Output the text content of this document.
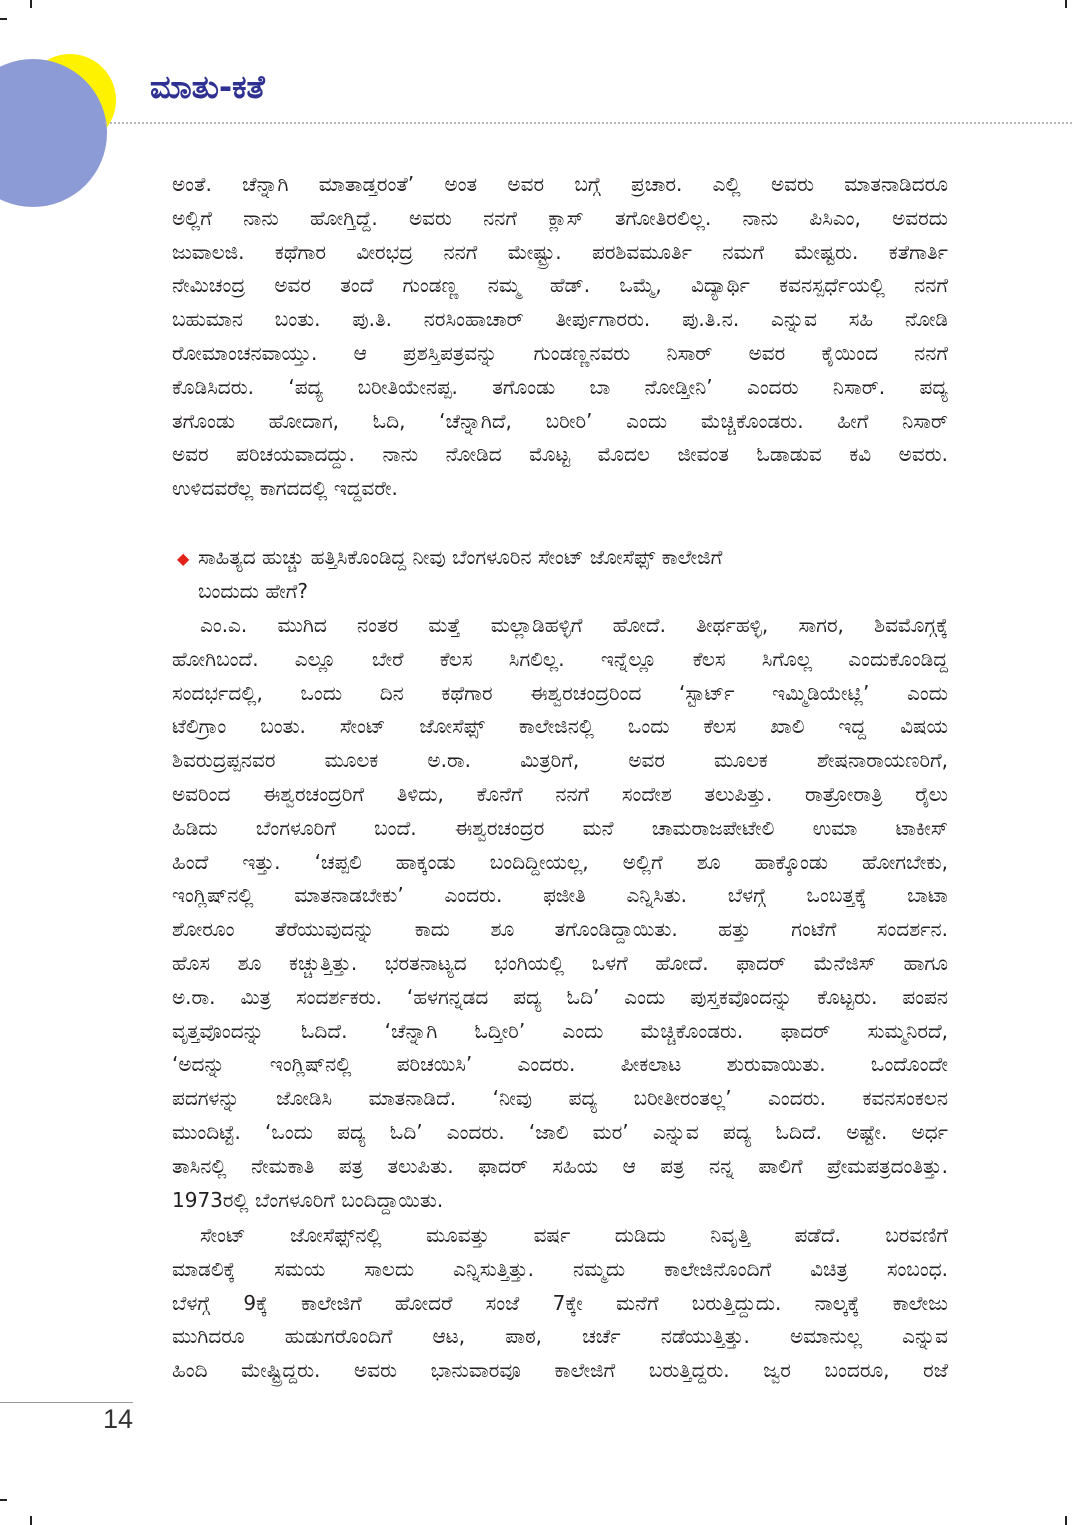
ಮಾತು-ಕತೆ
ಅಂತೆ. ಚೆನ್ನಾಗಿ ಮಾತಾಡ್ತರಂತೆ’ ಅಂತ ಅವರ ಬಗ್ಗೆ ಪ್ರಚಾರ. ಎಲ್ಲಿ ಅವರು ಮಾತನಾಡಿದರೂ
ಅಲ್ಲಿಗೆ ನಾನು ಹೋಗ್ತಿದ್ದೆ. ಅವರು ನನಗೆ ಕ್ಲಾಸ್ ತಗೋತಿರಲಿಲ್ಲ. ನಾನು ಪಿಸಿಎಂ, ಅವರದು
ಜುವಾಲಜಿ. ಕಥೆಗಾರ ವೀರಭದ್ರ ನನಗೆ ಮೇಷ್ಟ್ರು. ಪರಶಿವಮೂರ್ತಿ ನಮಗೆ ಮೇಷ್ಟರು. ಕತೆಗಾರ್ತಿ
ನೇಮಿಚಂದ್ರ ಅವರ ತಂದೆ ಗುಂಡಣ್ಣ ನಮ್ಮ ಹೆಡ್. ಒಮ್ಮೆ, ವಿದ್ಯಾರ್ಥಿ ಕವನಸ್ಪರ್ಧೆಯಲ್ಲಿ ನನಗೆ
ಬಹುಮಾನ ಬಂತು. ಪು.ತಿ. ನರಸಿಂಹಾಚಾರ್ ತೀರ್ಪುಗಾರರು. ಪು.ತಿ.ನ. ಎನ್ನುವ ಸಹಿ ನೋಡಿ
ರೋಮಾಂಚನವಾಯ್ತು. ಆ ಪ್ರಶಸ್ತಿಪತ್ರವನ್ನು ಗುಂಡಣ್ಣನವರು ನಿಸಾರ್ ಅವರ ಕೈಯಿಂದ ನನಗೆ
ಕೊಡಿಸಿದರು. ‘ಪದ್ಯ ಬರೀತಿಯೇನಪ್ಪ. ತಗೊಂಡು ಬಾ ನೋಡ್ತೀನಿ’ ಎಂದರು ನಿಸಾರ್. ಪದ್ಯ
ತಗೊಂಡು ಹೋದಾಗ, ಓದಿ, ‘ಚೆನ್ನಾಗಿದೆ, ಬರೀರಿ’ ಎಂದು ಮೆಚ್ಚಿಕೊಂಡರು. ಹೀಗೆ ನಿಸಾರ್
ಅವರ ಪರಿಚಯವಾದದ್ದು. ನಾನು ನೋಡಿದ ಮೊಟ್ಟ ಮೊದಲ ಜೀವಂತ ಓಡಾಡುವ ಕವಿ ಅವರು.
ಉಳಿದವರೆಲ್ಲ ಕಾಗದದಲ್ಲಿ ಇದ್ದವರೇ.
◆ ಸಾಹಿತ್ಯದ ಹುಚ್ಚು ಹತ್ತಿಸಿಕೊಂಡಿದ್ದ ನೀವು ಬೆಂಗಳೂರಿನ ಸೇಂಟ್ ಜೋಸೆಫ್ಸ್ ಕಾಲೇಜಿಗೆ
ಬಂದುದು ಹೇಗೆ?
ಎಂ.ಎ. ಮುಗಿದ ನಂತರ ಮತ್ತೆ ಮಲ್ಲಾಡಿಹಳ್ಳಿಗೆ ಹೋದೆ. ತೀರ್ಥಹಳ್ಳಿ, ಸಾಗರ, ಶಿವಮೊಗ್ಗಕ್ಕೆ
ಹೋಗಿಬಂದೆ. ಎಲ್ಲೂ ಬೇರೆ ಕೆಲಸ ಸಿಗಲಿಲ್ಲ. ಇನ್ನೆಲ್ಲೂ ಕೆಲಸ ಸಿಗೊಲ್ಲ ಎಂದುಕೊಂಡಿದ್ದ
ಸಂದರ್ಭದಲ್ಲಿ, ಒಂದು ದಿನ ಕಥೆಗಾರ ಈಶ್ವರಚಂದ್ರರಿಂದ ‘ಸ್ಟಾರ್ಟ್ ಇಮ್ಮಿಡಿಯೇಟ್ಲಿ’ ಎಂದು
ಟೆಲಿಗ್ರಾಂ ಬಂತು. ಸೇಂಟ್ ಜೋಸೆಫ್ಸ್ ಕಾಲೇಜಿನಲ್ಲಿ ಒಂದು ಕೆಲಸ ಖಾಲಿ ಇದ್ದ ವಿಷಯ
ಶಿವರುದ್ರಪ್ಪನವರ ಮೂಲಕ ಅ.ರಾ. ಮಿತ್ರರಿಗೆ, ಅವರ ಮೂಲಕ ಶೇಷನಾರಾಯಣರಿಗೆ,
ಅವರಿಂದ ಈಶ್ವರಚಂದ್ರರಿಗೆ ತಿಳಿದು, ಕೊನೆಗೆ ನನಗೆ ಸಂದೇಶ ತಲುಪಿತ್ತು. ರಾತ್ರೋರಾತ್ರಿ ರೈಲು
ಹಿಡಿದು ಬೆಂಗಳೂರಿಗೆ ಬಂದೆ. ಈಶ್ವರಚಂದ್ರರ ಮನೆ ಚಾಮರಾಜಪೇಟೇಲಿ ಉಮಾ ಟಾಕೀಸ್
ಹಿಂದೆ ಇತ್ತು. ‘ಚಪ್ಪಲಿ ಹಾಕ್ಕಂಡು ಬಂದಿದ್ದೀಯಲ್ಲ, ಅಲ್ಲಿಗೆ ಶೂ ಹಾಕ್ಕೊಂಡು ಹೋಗಬೇಕು,
ಇಂಗ್ಲಿಷ್‌ನಲ್ಲಿ ಮಾತನಾಡಬೇಕು’ ಎಂದರು. ಫಜೀತಿ ಎನ್ನಿಸಿತು. ಬೆಳಗ್ಗೆ ಒಂಬತ್ತಕ್ಕೆ ಬಾಟಾ
ಶೋರೂಂ ತೆರೆಯುವುದನ್ನು ಕಾದು ಶೂ ತಗೊಂಡಿದ್ದಾಯಿತು. ಹತ್ತು ಗಂಟೆಗೆ ಸಂದರ್ಶನ.
ಹೊಸ ಶೂ ಕಚ್ಚುತ್ತಿತ್ತು. ಭರತನಾಟ್ಯದ ಭಂಗಿಯಲ್ಲಿ ಒಳಗೆ ಹೋದೆ. ಫಾದರ್ ಮೆನೆಜಿಸ್ ಹಾಗೂ
ಅ.ರಾ. ಮಿತ್ರ ಸಂದರ್ಶಕರು. ‘ಹಳಗನ್ನಡದ ಪದ್ಯ ಓದಿ’ ಎಂದು ಪುಸ್ತಕವೊಂದನ್ನು ಕೊಟ್ಟರು. ಪಂಪನ
ವೃತ್ತವೊಂದನ್ನು ಓದಿದೆ. ‘ಚೆನ್ನಾಗಿ ಓದ್ತೀರಿ’ ಎಂದು ಮೆಚ್ಚಿಕೊಂಡರು. ಫಾದರ್ ಸುಮ್ಮನಿರದೆ,
‘ಅದನ್ನು ಇಂಗ್ಲಿಷ್‌ನಲ್ಲಿ ಪರಿಚಯಿಸಿ’ ಎಂದರು. ಪೀಕಲಾಟ ಶುರುವಾಯಿತು. ಒಂದೊಂದೇ
ಪದಗಳನ್ನು ಜೋಡಿಸಿ ಮಾತನಾಡಿದೆ. ‘ನೀವು ಪದ್ಯ ಬರೀತೀರಂತಲ್ಲ’ ಎಂದರು. ಕವನಸಂಕಲನ
ಮುಂದಿಟ್ಟೆ. ‘ಒಂದು ಪದ್ಯ ಓದಿ’ ಎಂದರು. ‘ಜಾಲಿ ಮರ’ ಎನ್ನುವ ಪದ್ಯ ಓದಿದೆ. ಅಷ್ಟೇ. ಅರ್ಧ
ತಾಸಿನಲ್ಲಿ ನೇಮಕಾತಿ ಪತ್ರ ತಲುಪಿತು. ಫಾದರ್ ಸಹಿಯ ಆ ಪತ್ರ ನನ್ನ ಪಾಲಿಗೆ ಪ್ರೇಮಪತ್ರದಂತಿತ್ತು.
1973ರಲ್ಲಿ ಬೆಂಗಳೂರಿಗೆ ಬಂದಿದ್ದಾಯಿತು.
ಸೇಂಟ್ ಜೋಸೆಫ್ಸ್‌ನಲ್ಲಿ ಮೂವತ್ತು ವರ್ಷ ದುಡಿದು ನಿವೃತ್ತಿ ಪಡೆದೆ. ಬರವಣಿಗೆ
ಮಾಡಲಿಕ್ಕೆ ಸಮಯ ಸಾಲದು ಎನ್ನಿಸುತ್ತಿತ್ತು. ನಮ್ಮದು ಕಾಲೇಜಿನೊಂದಿಗೆ ವಿಚಿತ್ರ ಸಂಬಂಧ.
ಬೆಳಗ್ಗೆ 9ಕ್ಕೆ ಕಾಲೇಜಿಗೆ ಹೋದರೆ ಸಂಜೆ 7ಕ್ಕೇ ಮನೆಗೆ ಬರುತ್ತಿದ್ದುದು. ನಾಲ್ಕಕ್ಕೆ ಕಾಲೇಜು
ಮುಗಿದರೂ ಹುಡುಗರೊಂದಿಗೆ ಆಟ, ಪಾಠ, ಚರ್ಚೆ ನಡೆಯುತ್ತಿತ್ತು. ಅಮಾನುಲ್ಲ ಎನ್ನುವ
ಹಿಂದಿ ಮೇಷ್ಟ್ರಿದ್ದರು. ಅವರು ಭಾನುವಾರವೂ ಕಾಲೇಜಿಗೆ ಬರುತ್ತಿದ್ದರು. ಜ್ವರ ಬಂದರೂ, ರಜೆ
14
